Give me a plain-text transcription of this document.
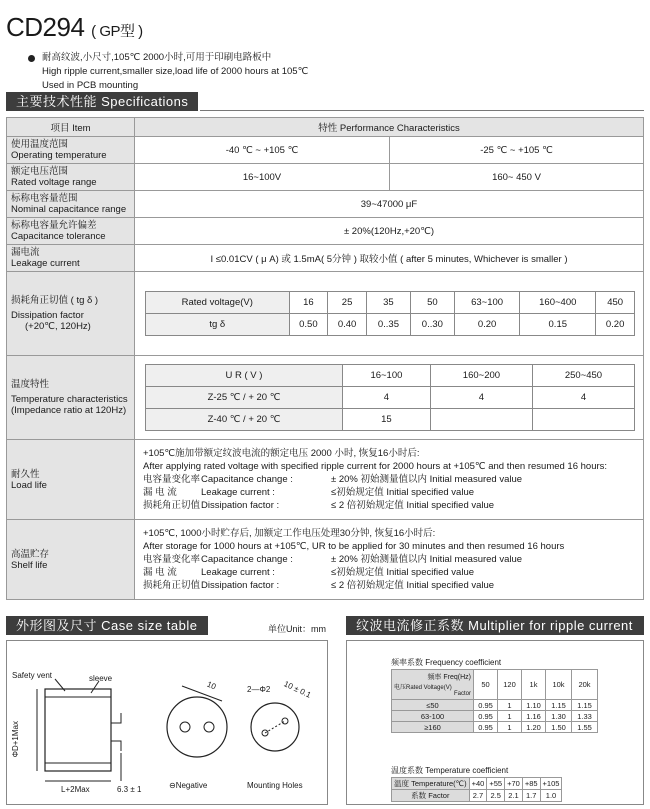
CD294 ( GP型 )
耐高纹波,小尺寸,105℃ 2000小时,可用于印刷电路板中
High ripple current,smaller size,load life of 2000 hours at 105℃
Used in PCB mounting
主要技术性能 Specifications
项目 Item	特性 Performance Characteristics

使用温度范围
Operating temperature	-40 ℃ ~ +105 ℃	-25 ℃ ~ +105 ℃

额定电压范围
Rated voltage range	16~100V	160~ 450 V

标称电容量范围
Nominal capacitance range	39~47000 μF

标称电容量允许偏差
Capacitance tolerance	± 20%(120Hz,+20℃)

漏电流
Leakage current	I ≤0.01CV ( μ A) 或 1.5mA( 5分钟 ) 取较小值 ( after 5 minutes, Whichever is smaller )

损耗角正切值 ( tg δ )
Dissipation factor
(+20℃, 120Hz)

Rated voltage(V)	16	25	35	50	63~100	160~400	450
tg δ	0.50	0.40	0..35	0..30	0.20	0.15	0.20

温度特性
Temperature characteristics
(Impedance ratio at 120Hz)

U R ( V )	16~100	160~200	250~450
Z-25 ℃ / + 20 ℃	4	4	4
Z-40 ℃ / + 20 ℃	15		

耐久性
Load life

+105℃施加带额定纹波电流的额定电压 2000 小时, 恢复16小时后:
After applying rated voltage with specified ripple current for 2000 hours at +105℃ and then resumed 16 hours:
电容量变化率 Capacitance change :	± 20% 初始测量值以内 Initial measured value
漏 电 流	Leakage current :	≤初始规定值 Initial specified value
损耗角正切值 Dissipation factor :	≤ 2 倍初始规定值 Initial specified value

高温贮存
Shelf life

+105℃, 1000小时贮存后, 加额定工作电压处理30分钟, 恢复16小时后:
After storage for 1000 hours at +105℃, UR to be applied for 30 minutes and then resumed 16 hours
电容量变化率 Capacitance change :	± 20% 初始测量值以内 Initial measured value
漏 电 流	Leakage current :	≤初始规定值 Initial specified value
损耗角正切值 Dissipation factor :	≤ 2 倍初始规定值 Initial specified value
外形图及尺寸 Case size table	单位Unit：mm
Safety vent	sleeve
ΦD+1Max
L+2Max	6.3 ± 1
10
⊖Negative
2—Φ2 10 ± 0.1
Mounting Holes
纹波电流修正系数 Multiplier for ripple current
频率系数 Frequency coefficient
频率 Freq(Hz)
电压Rated Voltage(V)
Factor	50	120	1k	10k	20k
≤50	0.95	1	1.10	1.15	1.15
63-100	0.95	1	1.16	1.30	1.33
≥160	0.95	1	1.20	1.50	1.55
温度系数 Temperature coefficient
温度 Temperature(℃)	+40	+55	+70	+85	+105
系数 Factor	2.7	2.5	2.1	1.7	1.0
